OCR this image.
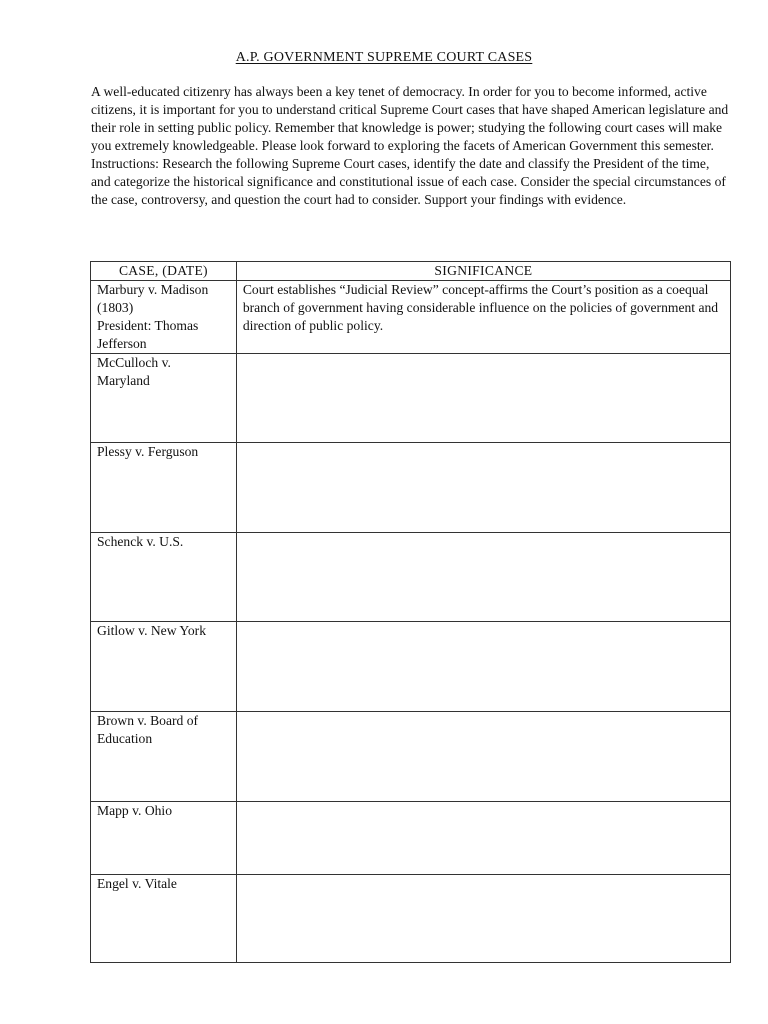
A.P. GOVERNMENT SUPREME COURT CASES

A well-educated citizenry has always been a key tenet of democracy. In order for you to become informed, active citizens, it is important for you to understand critical Supreme Court cases that have shaped American legislature and their role in setting public policy. Remember that knowledge is power; studying the following court cases will make you extremely knowledgeable. Please look forward to exploring the facets of American Government this semester.

Instructions: Research the following Supreme Court cases, identify the date and classify the President of the time, and categorize the historical significance and constitutional issue of each case. Consider the special circumstances of the case, controversy, and question the court had to consider. Support your findings with evidence.

CASE, (DATE)	SIGNIFICANCE

Marbury v. Madison
(1803)
President: Thomas
Jefferson	Court establishes “Judicial Review” concept-affirms the Court’s position as a coequal branch of government having considerable influence on the policies of government and direction of public policy.

McCulloch v.
Maryland	

Plessy v. Ferguson	

Schenck v. U.S.	

Gitlow v. New York	

Brown v. Board of
Education	

Mapp v. Ohio	

Engel v. Vitale	
